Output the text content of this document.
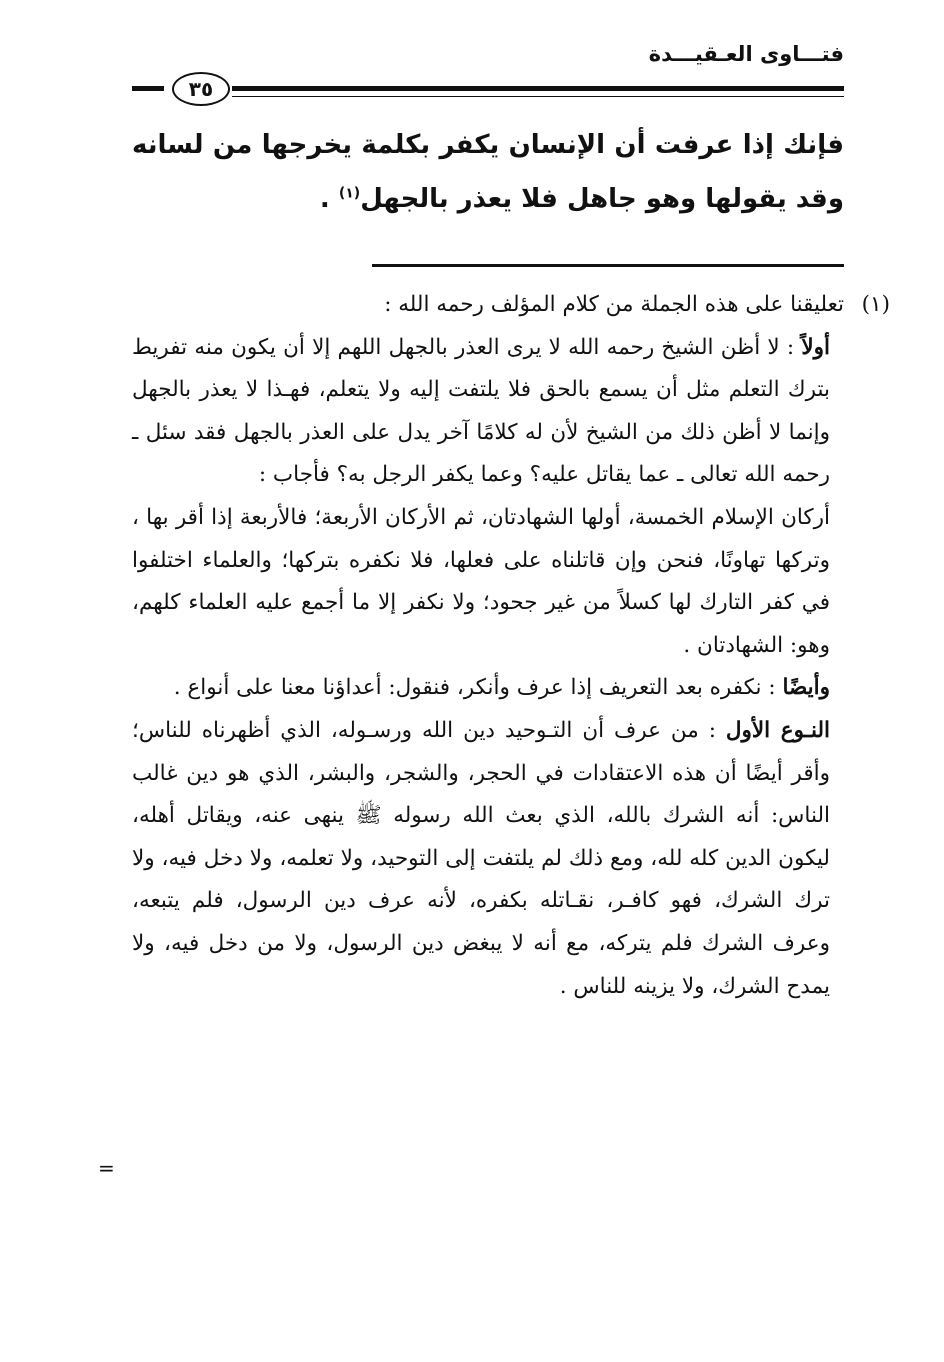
فتـــاوى العـقيـــدة
٣٥
فإنك إذا عرفت أن الإنسان يكفر بكلمة يخرجها من لسانه وقد يقولها وهو جاهل فلا يعذر بالجهل$^{(١)}$ .

(١)تعليقنا على هذه الجملة من كلام المؤلف رحمه الله :

أولاً : لا أظن الشيخ رحمه الله لا يرى العذر بالجهل اللهم إلا أن يكون منه تفريط بترك التعلم مثل أن يسمع بالحق فلا يلتفت إليه ولا يتعلم، فهـذا لا يعذر بالجهل وإنما لا أظن ذلك من الشيخ لأن له كلامًا آخر يدل على العذر بالجهل فقد سئل ـ رحمه الله تعالى ـ عما يقاتل عليه؟ وعما يكفر الرجل به؟ فأجاب :

أركان الإسلام الخمسة، أولها الشهادتان، ثم الأركان الأربعة؛ فالأربعة إذا أقر بها ، وتركها تهاونًا، فنحن وإن قاتلناه على فعلها، فلا نكفره بتركها؛ والعلماء اختلفوا في كفر التارك لها كسلاً من غير جحود؛ ولا نكفر إلا ما أجمع عليه العلماء كلهم، وهو: الشهادتان .

وأيضًا : نكفره بعد التعريف إذا عرف وأنكر، فنقول: أعداؤنا معنا على أنواع .

النـوع الأول : من عرف أن التـوحيد دين الله ورسـوله، الذي أظهرناه للناس؛ وأقر أيضًا أن هذه الاعتقادات في الحجر، والشجر، والبشر، الذي هو دين غالب الناس: أنه الشرك بالله، الذي بعث الله رسوله ﷺ ينهى عنه، ويقاتل أهله، ليكون الدين كله لله، ومع ذلك لم يلتفت إلى التوحيد، ولا تعلمه، ولا دخل فيه، ولا ترك الشرك، فهو كافـر، نقـاتله بكفره، لأنه عرف دين الرسول، فلم يتبعه، وعرف الشرك فلم يتركه، مع أنه لا يبغض دين الرسول، ولا من دخل فيه، ولا يمدح الشرك، ولا يزينه للناس .

=
